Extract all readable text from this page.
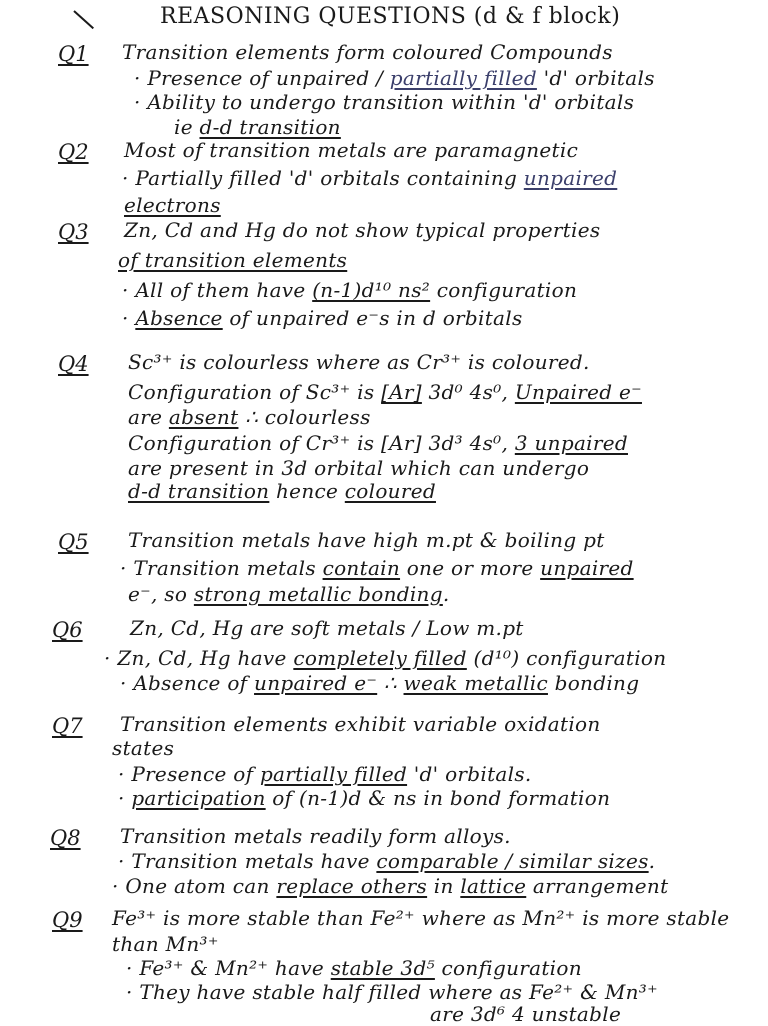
REASONING QUESTIONS (d & f block)
Q1 Transition elements form coloured Compounds
· Presence of unpaired / partially filled 'd' orbitals
· Ability to undergo transition within 'd' orbitals
ie d-d transition
Q2 Most of transition metals are paramagnetic
· Partially filled 'd' orbitals containing unpaired
electrons
Q3 Zn, Cd and Hg do not show typical properties
of transition elements
· All of them have (n-1)d¹⁰ ns² configuration
· Absence of unpaired e⁻s in d orbitals
Q4 Sc³⁺ is colourless where as Cr³⁺ is coloured.
Configuration of Sc³⁺ is [Ar] 3d⁰ 4s⁰, Unpaired e⁻
are absent ∴ colourless
Configuration of Cr³⁺ is [Ar] 3d³ 4s⁰, 3 unpaired
are present in 3d orbital which can undergo
d-d transition hence coloured
Q5 Transition metals have high m.pt & boiling pt
· Transition metals contain one or more unpaired
e⁻, so strong metallic bonding.
Q6 Zn, Cd, Hg are soft metals / Low m.pt
· Zn, Cd, Hg have completely filled (d¹⁰) configuration
· Absence of unpaired e⁻ ∴ weak metallic bonding
Q7 Transition elements exhibit variable oxidation
states
· Presence of partially filled 'd' orbitals.
· participation of (n-1)d & ns in bond formation
Q8 Transition metals readily form alloys.
· Transition metals have comparable / similar sizes.
· One atom can replace others in lattice arrangement
Q9 Fe³⁺ is more stable than Fe²⁺ where as Mn²⁺ is more stable
than Mn³⁺
· Fe³⁺ & Mn²⁺ have stable 3d⁵ configuration
· They have stable half filled where as Fe²⁺ & Mn³⁺
are 3d⁶ 4 unstable
